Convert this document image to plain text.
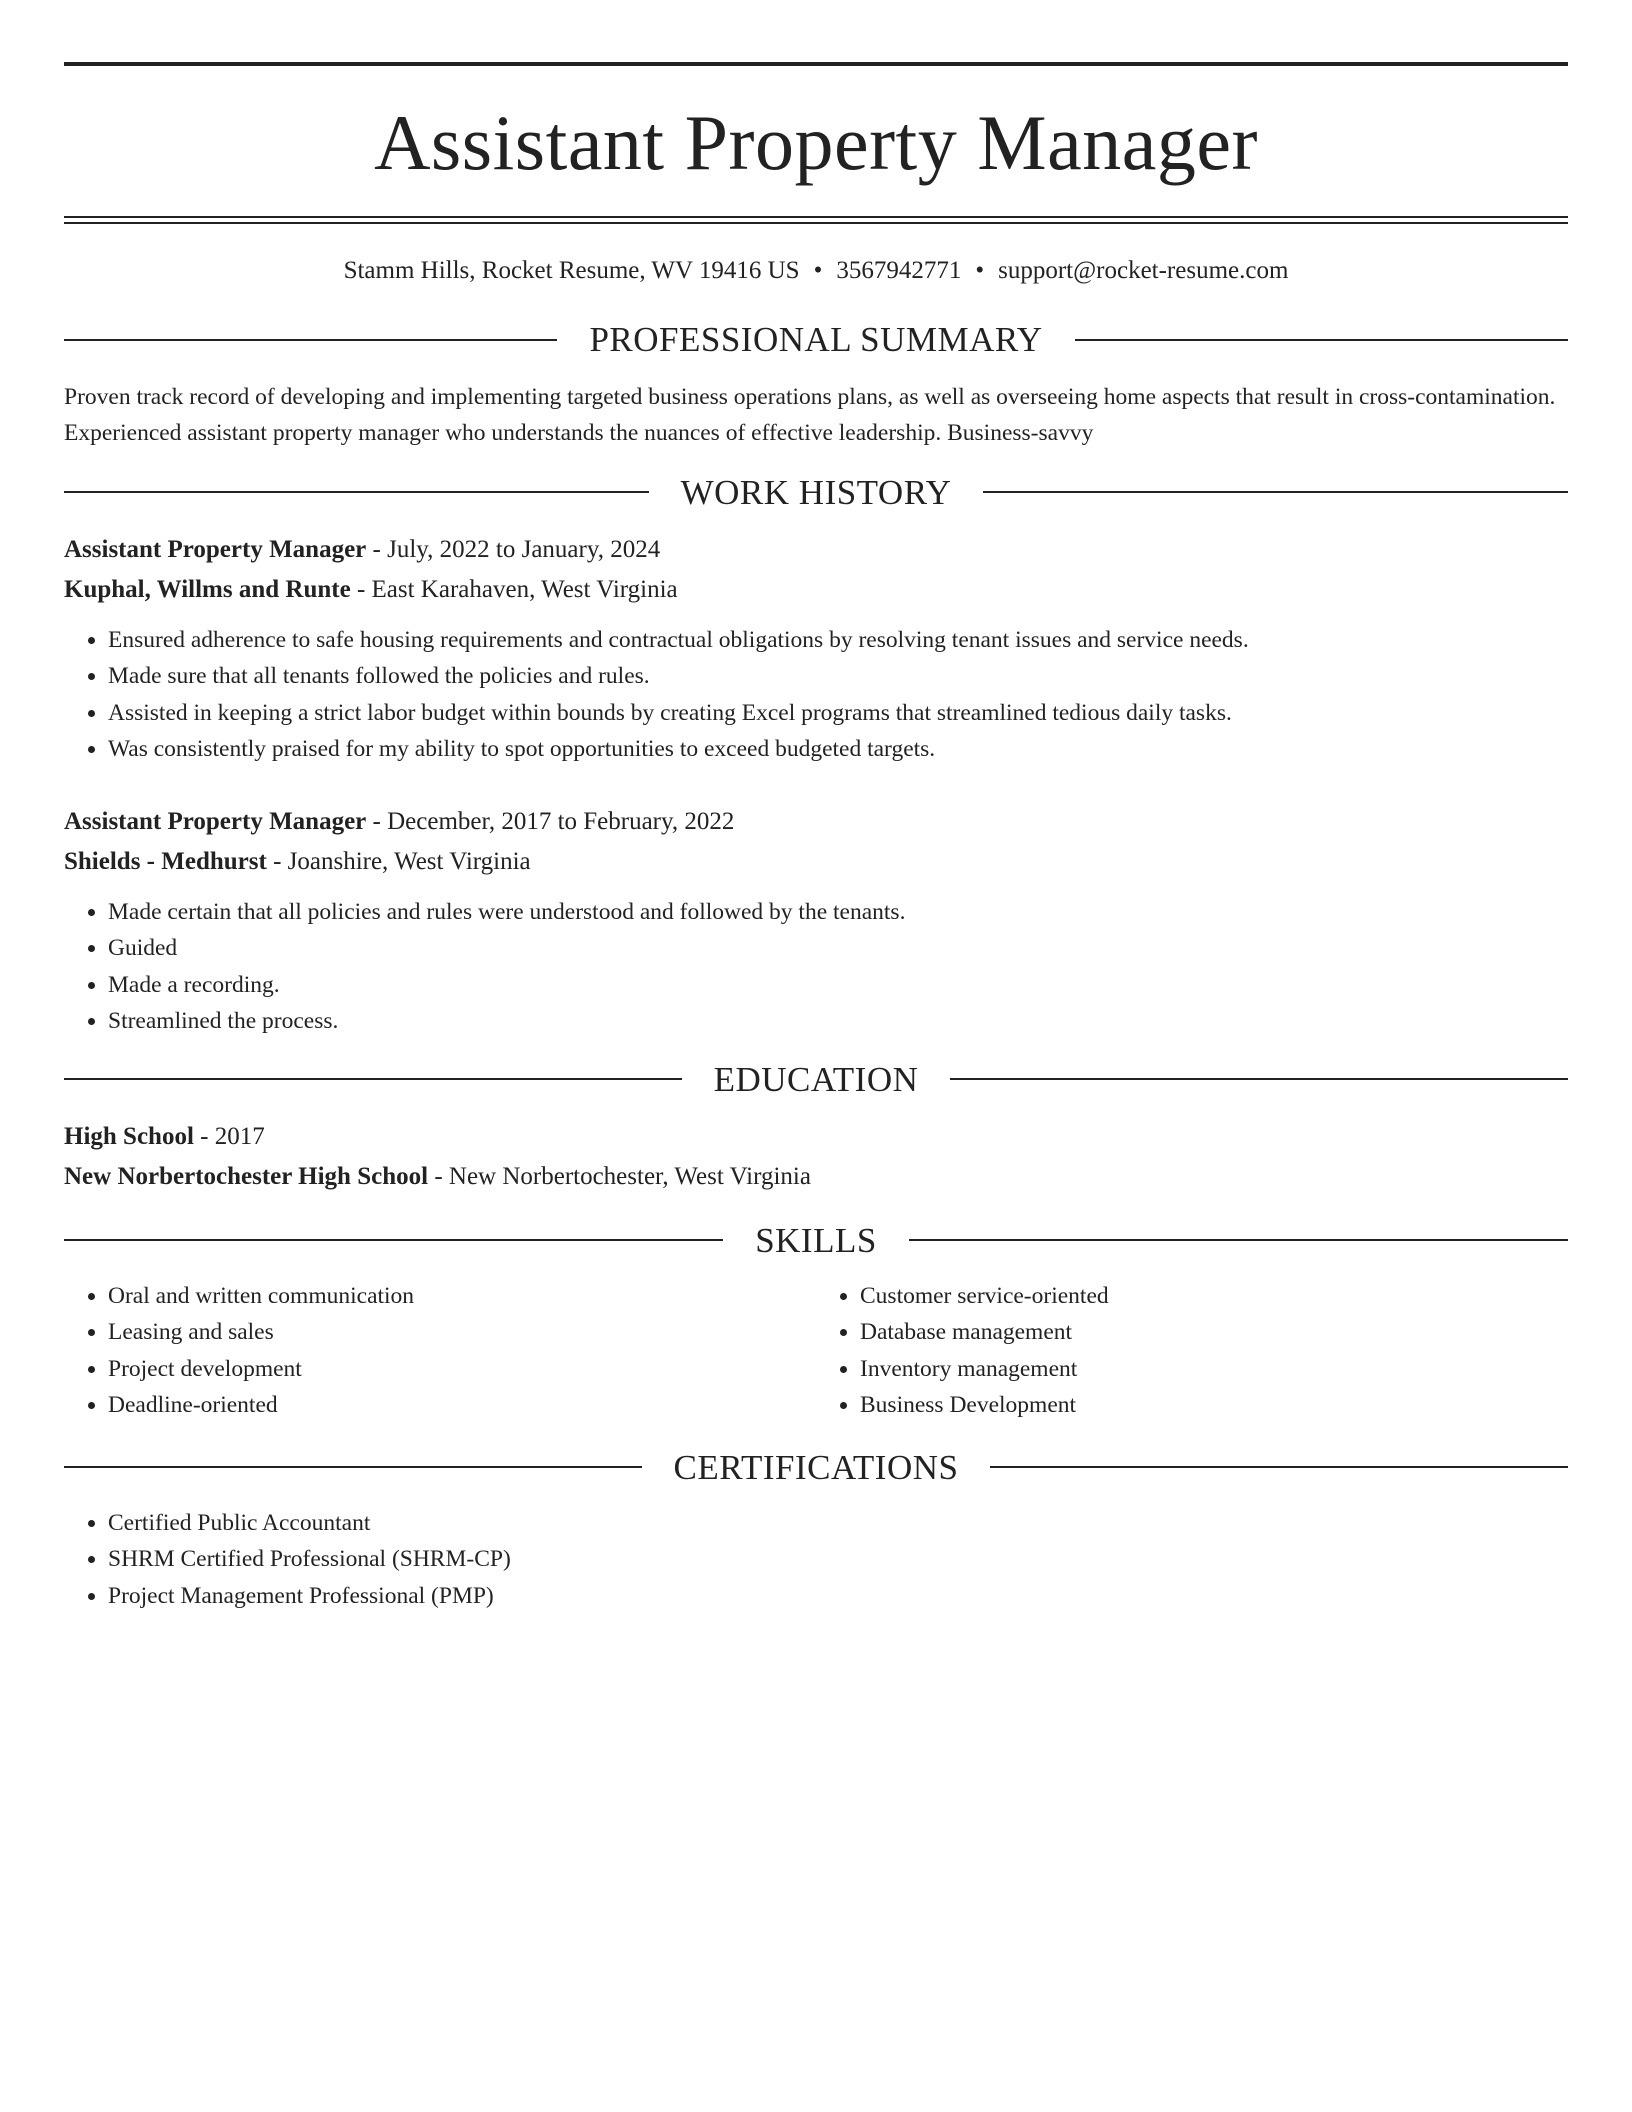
Assistant Property Manager
Stamm Hills, Rocket Resume, WV 19416 US • 3567942771 • support@rocket-resume.com
PROFESSIONAL SUMMARY

Proven track record of developing and implementing targeted business operations plans, as well as overseeing home aspects that result in cross-contamination. Experienced assistant property manager who understands the nuances of effective leadership. Business-savvy

WORK HISTORY
Assistant Property Manager - July, 2022 to January, 2024
Kuphal, Willms and Runte - East Karahaven, West Virginia
• Ensured adherence to safe housing requirements and contractual obligations by resolving tenant issues and service needs.
• Made sure that all tenants followed the policies and rules.
• Assisted in keeping a strict labor budget within bounds by creating Excel programs that streamlined tedious daily tasks.
• Was consistently praised for my ability to spot opportunities to exceed budgeted targets.
Assistant Property Manager - December, 2017 to February, 2022
Shields - Medhurst - Joanshire, West Virginia
• Made certain that all policies and rules were understood and followed by the tenants.
• Guided
• Made a recording.
• Streamlined the process.
EDUCATION
High School - 2017
New Norbertochester High School - New Norbertochester, West Virginia
SKILLS
• Oral and written communication
• Leasing and sales
• Project development
• Deadline-oriented
• Customer service-oriented
• Database management
• Inventory management
• Business Development
CERTIFICATIONS
• Certified Public Accountant
• SHRM Certified Professional (SHRM-CP)
• Project Management Professional (PMP)
